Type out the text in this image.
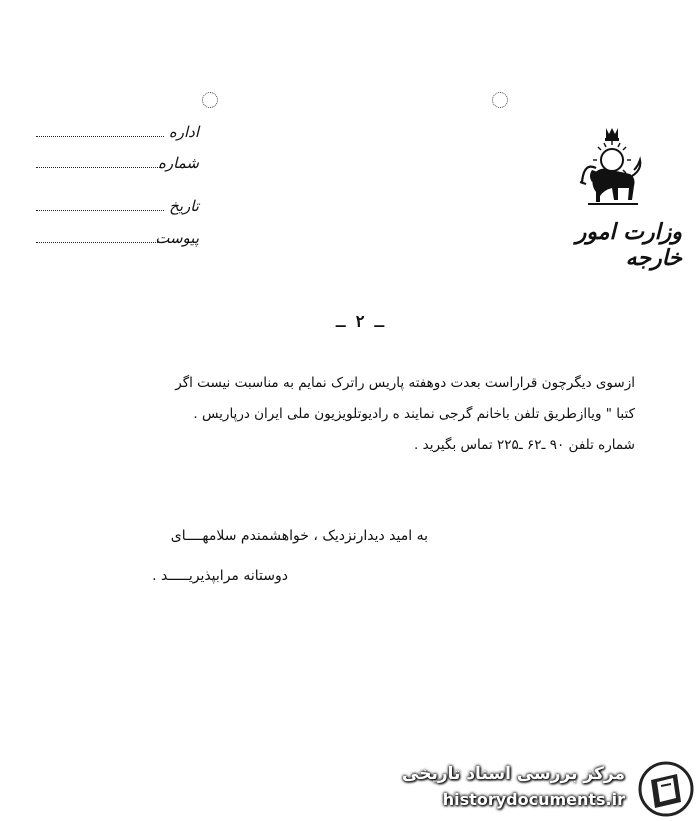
اداره
شماره
تاریخ
پیوست	وزارت امور خارجه
ـ ۲ ـ
ازسوی دیگرچون قراراست بعدت دوهفته پاریس راترک نمایم به مناسبت نیست اگر
کتبا " ویاازطریق تلفن باخانم گرجی نمایند ه رادیوتلویزیون ملی ایران درپاریس .
شماره تلفن ۹۰ ـ۶۲ ـ۲۲۵ تماس بگیرید .
به امید دیدارنزدیک ، خواهشمندم سلامهــــای
دوستانه مرابپذیریـــــد .
مرکز بررسی اسناد تاریخی
historydocuments.ir
